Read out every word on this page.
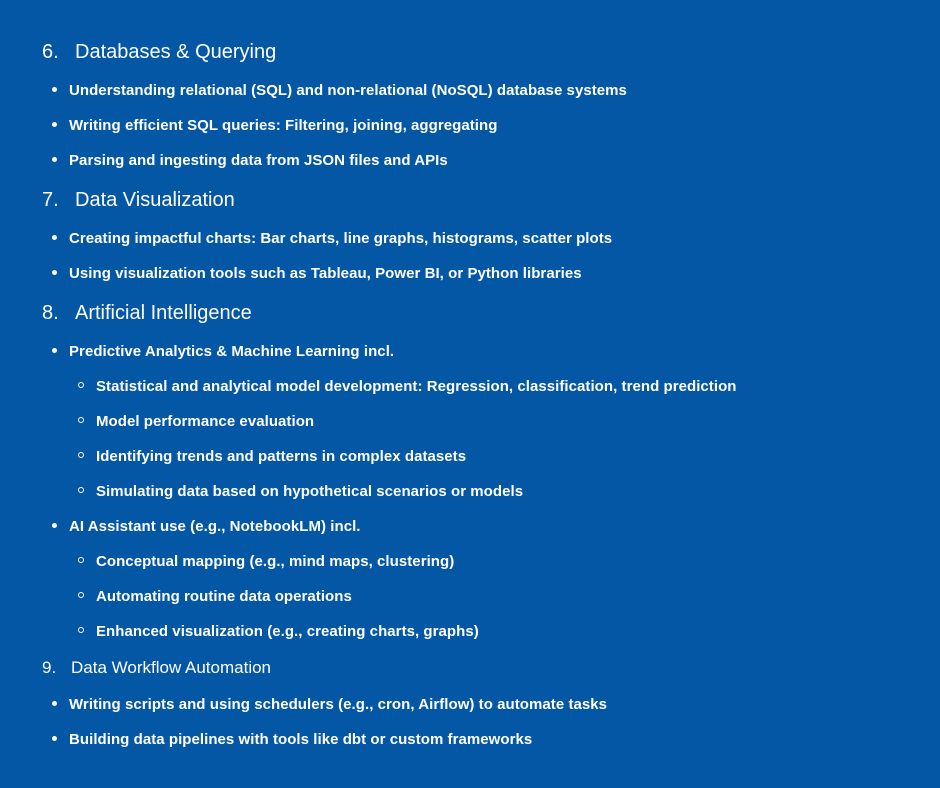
6. Databases & Querying
Understanding relational (SQL) and non-relational (NoSQL) database systems
Writing efficient SQL queries: Filtering, joining, aggregating
Parsing and ingesting data from JSON files and APIs
7. Data Visualization
Creating impactful charts: Bar charts, line graphs, histograms, scatter plots
Using visualization tools such as Tableau, Power BI, or Python libraries
8. Artificial Intelligence
Predictive Analytics & Machine Learning incl.
Statistical and analytical model development: Regression, classification, trend prediction
Model performance evaluation
Identifying trends and patterns in complex datasets
Simulating data based on hypothetical scenarios or models
AI Assistant use (e.g., NotebookLM) incl.
Conceptual mapping (e.g., mind maps, clustering)
Automating routine data operations
Enhanced visualization (e.g., creating charts, graphs)
9. Data Workflow Automation
Writing scripts and using schedulers (e.g., cron, Airflow) to automate tasks
Building data pipelines with tools like dbt or custom frameworks
